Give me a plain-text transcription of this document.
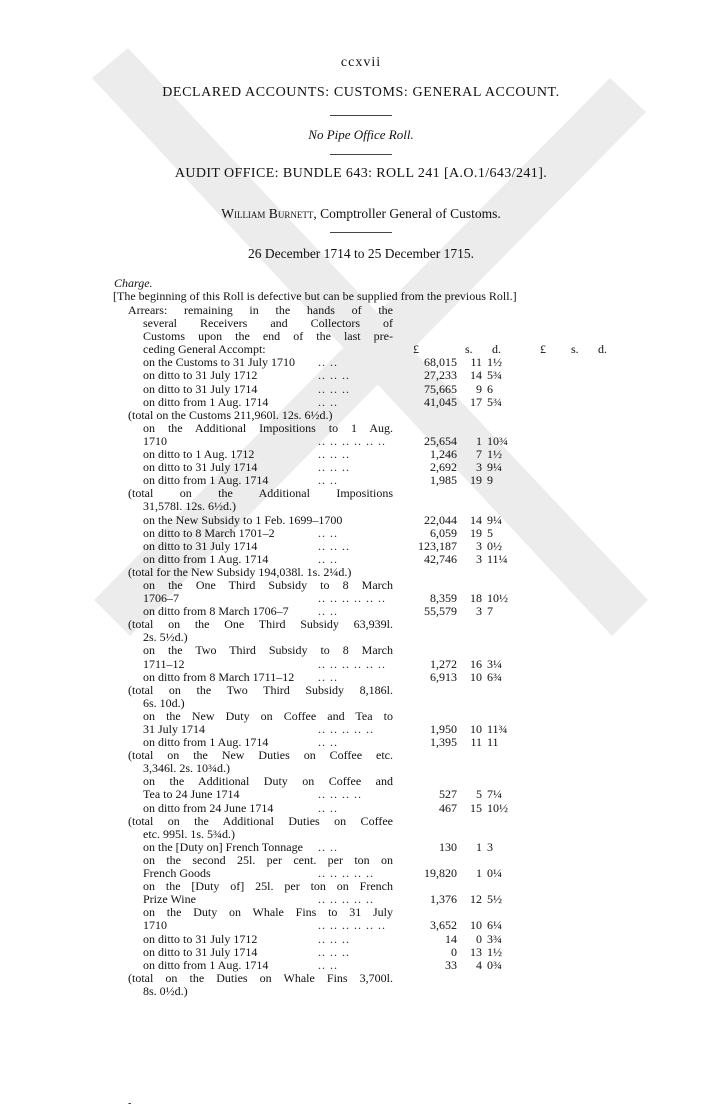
ccxvii
DECLARED ACCOUNTS: CUSTOMS: GENERAL ACCOUNT.
No Pipe Office Roll.
AUDIT OFFICE: BUNDLE 643: ROLL 241 [A.O.1/643/241].
William Burnett, Comptroller General of Customs.
26 December 1714 to 25 December 1715.
Charge.
[The beginning of this Roll is defective but can be supplied from the previous Roll.]
Arrears: remaining in the hands of the
several Receivers and Collectors of
Customs upon the end of the last pre-
ceding General Accompt:	£	s. d.	£ s. d.
on the Customs to 31 July 1710 .. ..	68,015	11 1½
on ditto to 31 July 1712	.. .. ..	27,233	14 5¾
on ditto to 31 July 1714	.. .. ..	75,665	9 6
on ditto from 1 Aug. 1714	.. ..	41,045	17 5¾
(total on the Customs 211,960l. 12s. 6½d.)
on the Additional Impositions to 1 Aug.
1710	.. .. .. .. .. ..	25,654	1 10¾
on ditto to 1 Aug. 1712	.. .. ..	1,246	7 1½
on ditto to 31 July 1714	.. .. ..	2,692	3 9¼
on ditto from 1 Aug. 1714	.. ..	1,985	19 9
(total on the Additional Impositions
31,578l. 12s. 6½d.)
on the New Subsidy to 1 Feb. 1699–1700	22,044	14 9¼
on ditto to 8 March 1701–2	.. ..	6,059	19 5
on ditto to 31 July 1714	.. .. ..	123,187	3 0½
on ditto from 1 Aug. 1714	.. ..	42,746	3 11¼
(total for the New Subsidy 194,038l. 1s. 2¼d.)
on the One Third Subsidy to 8 March
1706–7	.. .. .. .. .. ..	8,359	18 10½
on ditto from 8 March 1706–7 .. ..	55,579	3 7
(total on the One Third Subsidy 63,939l.
2s. 5½d.)
on the Two Third Subsidy to 8 March
1711–12	.. .. .. .. .. ..	1,272	16 3¼
on ditto from 8 March 1711–12 .. ..	6,913	10 6¾
(total on the Two Third Subsidy 8,186l.
6s. 10d.)
on the New Duty on Coffee and Tea to
31 July 1714	.. .. .. .. ..	1,950	10 11¾
on ditto from 1 Aug. 1714	.. ..	1,395	11 11
(total on the New Duties on Coffee etc.
3,346l. 2s. 10¾d.)
on the Additional Duty on Coffee and
Tea to 24 June 1714	.. .. .. ..	527	5 7¼
on ditto from 24 June 1714	.. ..	467	15 10½
(total on the Additional Duties on Coffee
etc. 995l. 1s. 5¾d.)
on the [Duty on] French Tonnage .. ..	130	1 3
on the second 25l. per cent. per ton on
French Goods	.. .. .. .. ..	19,820	1 0¼
on the [Duty of] 25l. per ton on French
Prize Wine	.. .. .. .. ..	1,376	12 5½
on the Duty on Whale Fins to 31 July
1710	.. .. .. .. .. ..	3,652	10 6¼
on ditto to 31 July 1712	.. .. ..	14	0 3¾
on ditto to 31 July 1714	.. .. ..	0	13 1½
on ditto from 1 Aug. 1714	.. ..	33	4 0¾
(total on the Duties on Whale Fins 3,700l.
8s. 0½d.)
-
